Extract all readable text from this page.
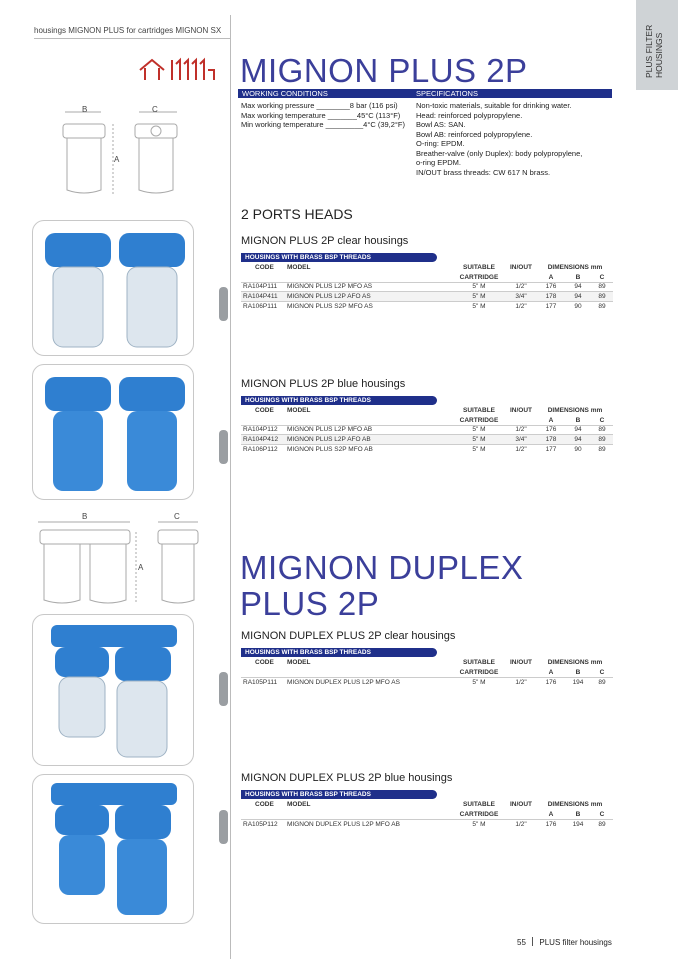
housings MIGNON PLUS for cartridges MIGNON SX	PLUS FILTER HOUSINGS
MIGNON PLUS 2P
WORKING CONDITIONS	SPECIFICATIONS
Max working pressure ________8 bar (116 psi)
Max working temperature _______45°C (113°F)
Min working temperature _________4°C (39,2°F)
Non-toxic materials, suitable for drinking water.
Head: reinforced polypropylene.
Bowl AS: SAN.
Bowl AB: reinforced polypropylene.
O-ring: EPDM.
Breather-valve (only Duplex): body polypropylene,
o-ring EPDM.
IN/OUT brass threads: CW 617 N brass.
B	C
A
2 PORTS HEADS
B	C
A	MIGNON DUPLEX
PLUS 2P
MIGNON PLUS 2P clear housings
HOUSINGS WITH BRASS BSP THREADS
CODE	MODEL	SUITABLE	IN/OUT	DIMENSIONS mm		
		CARTRIDGE		A	B	C
RA104P111	MIGNON PLUS L2P MFO AS	5" M	1/2"	176	94	89
RA104P411	MIGNON PLUS L2P AFO AS	5" M	3/4"	178	94	89
RA106P111	MIGNON PLUS S2P MFO AS	5" M	1/2"	177	90	89
MIGNON PLUS 2P blue housings
HOUSINGS WITH BRASS BSP THREADS
CODE	MODEL	SUITABLE	IN/OUT	DIMENSIONS mm		
		CARTRIDGE		A	B	C
RA104P112	MIGNON PLUS L2P MFO AB	5" M	1/2"	176	94	89
RA104P412	MIGNON PLUS L2P AFO AB	5" M	3/4"	178	94	89
RA106P112	MIGNON PLUS S2P MFO AB	5" M	1/2"	177	90	89
MIGNON DUPLEX PLUS 2P clear housings
HOUSINGS WITH BRASS BSP THREADS
CODE	MODEL	SUITABLE	IN/OUT	DIMENSIONS mm		
		CARTRIDGE		A	B	C
RA105P111	MIGNON DUPLEX PLUS L2P MFO AS	5" M	1/2"	176	194	89
MIGNON DUPLEX PLUS 2P blue housings
HOUSINGS WITH BRASS BSP THREADS
CODE	MODEL	SUITABLE	IN/OUT	DIMENSIONS mm		
		CARTRIDGE		A	B	C
RA105P112	MIGNON DUPLEX PLUS L2P MFO AB	5" M	1/2"	176	194	89
55 PLUS filter housings
